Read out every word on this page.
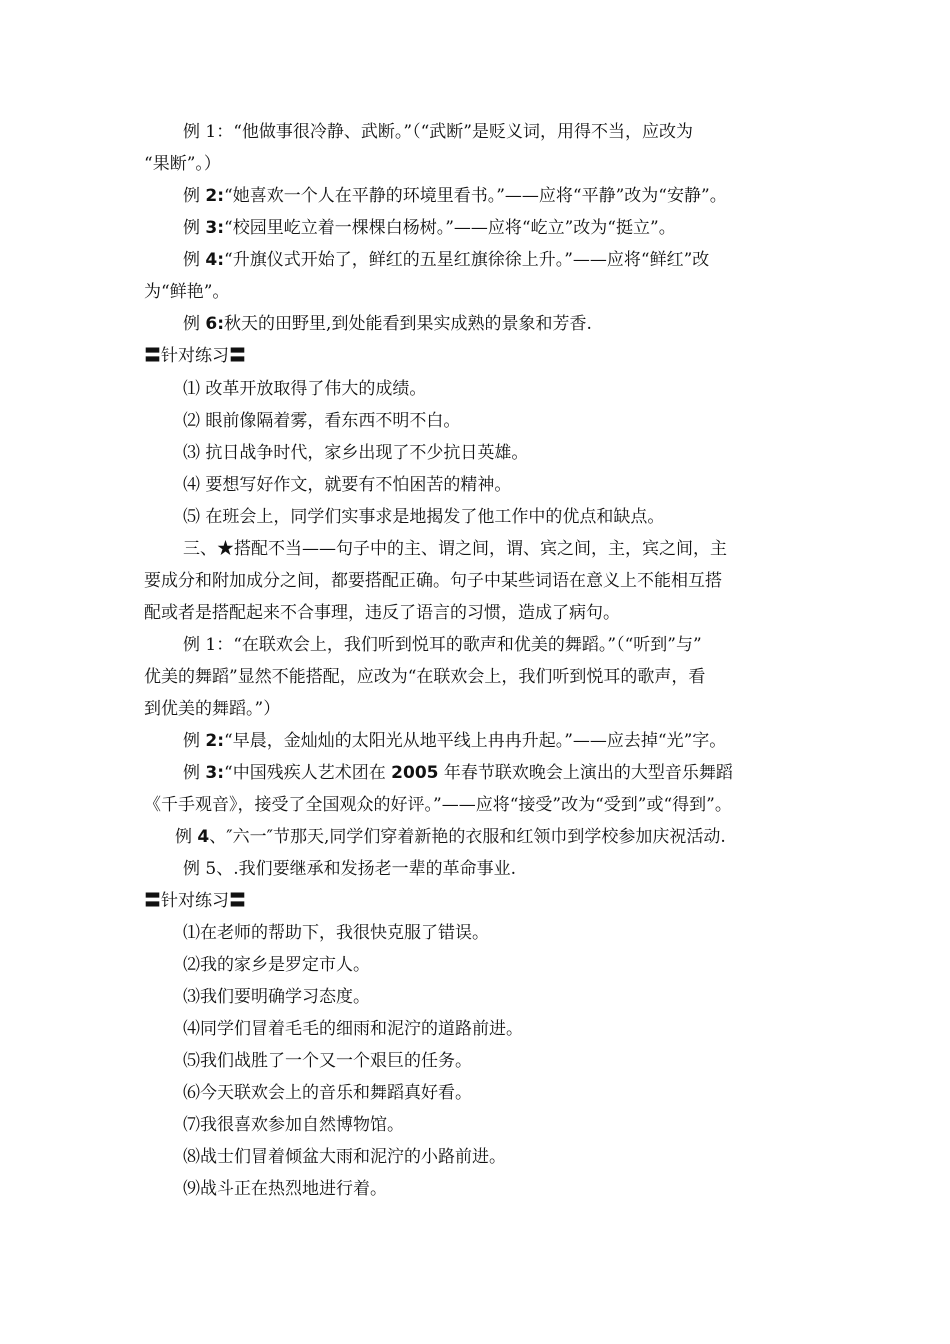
例 1：“他做事很冷静、武断。”（“武断”是贬义词，用得不当，应改为
“果断”。）
例 2:“她喜欢一个人在平静的环境里看书。”——应将“平静”改为“安静”。
例 3:“校园里屹立着一棵棵白杨树。”——应将“屹立”改为“挺立”。
例 4:“升旗仪式开始了，鲜红的五星红旗徐徐上升。”——应将“鲜红”改
为“鲜艳”。
例 6:秋天的田野里,到处能看到果实成熟的景象和芳香.
〓针对练习〓
⑴ 改革开放取得了伟大的成绩。
⑵ 眼前像隔着雾，看东西不明不白。
⑶ 抗日战争时代，家乡出现了不少抗日英雄。
⑷ 要想写好作文，就要有不怕困苦的精神。
⑸ 在班会上，同学们实事求是地揭发了他工作中的优点和缺点。
三、★搭配不当——句子中的主、谓之间，谓、宾之间，主，宾之间，主
要成分和附加成分之间，都要搭配正确。句子中某些词语在意义上不能相互搭
配或者是搭配起来不合事理，违反了语言的习惯，造成了病句。
例 1：“在联欢会上，我们听到悦耳的歌声和优美的舞蹈。”（“听到”与”
优美的舞蹈”显然不能搭配，应改为“在联欢会上，我们听到悦耳的歌声，看
到优美的舞蹈。”）
例 2:“早晨，金灿灿的太阳光从地平线上冉冉升起。”——应去掉“光”字。
例 3:“中国残疾人艺术团在 2005 年春节联欢晚会上演出的大型音乐舞蹈
《千手观音》，接受了全国观众的好评。”——应将“接受”改为“受到”或“得到”。
例 4、″六一″节那天,同学们穿着新艳的衣服和红领巾到学校参加庆祝活动.
例 5、.我们要继承和发扬老一辈的革命事业.
〓针对练习〓
⑴在老师的帮助下，我很快克服了错误。
⑵我的家乡是罗定市人。
⑶我们要明确学习态度。
⑷同学们冒着毛毛的细雨和泥泞的道路前进。
⑸我们战胜了一个又一个艰巨的任务。
⑹今天联欢会上的音乐和舞蹈真好看。
⑺我很喜欢参加自然博物馆。
⑻战士们冒着倾盆大雨和泥泞的小路前进。
⑼战斗正在热烈地进行着。
